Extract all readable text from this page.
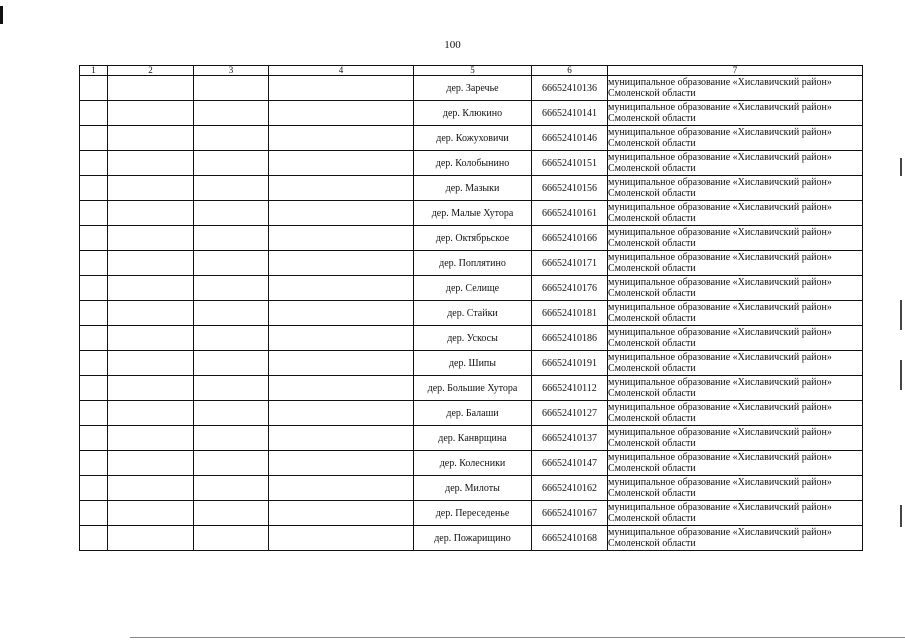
100
1	2	3	4	5	6	7
				дер. Заречье	66652410136	муниципальное образование «Хиславичский район»
Смоленской области

				дер. Клюкино	66652410141	муниципальное образование «Хиславичский район»
Смоленской области

				дер. Кожуховичи	66652410146	муниципальное образование «Хиславичский район»
Смоленской области

				дер. Колобынино	66652410151	муниципальное образование «Хиславичский район»
Смоленской области

				дер. Мазыки	66652410156	муниципальное образование «Хиславичский район»
Смоленской области

				дер. Малые Хутора	66652410161	муниципальное образование «Хиславичский район»
Смоленской области

				дер. Октябрьское	66652410166	муниципальное образование «Хиславичский район»
Смоленской области

				дер. Поплятино	66652410171	муниципальное образование «Хиславичский район»
Смоленской области

				дер. Селище	66652410176	муниципальное образование «Хиславичский район»
Смоленской области

				дер. Стайки	66652410181	муниципальное образование «Хиславичский район»
Смоленской области

				дер. Ускосы	66652410186	муниципальное образование «Хиславичский район»
Смоленской области

				дер. Шипы	66652410191	муниципальное образование «Хиславичский район»
Смоленской области

				дер. Большие Хутора	66652410112	муниципальное образование «Хиславичский район»
Смоленской области

				дер. Балаши	66652410127	муниципальное образование «Хиславичский район»
Смоленской области

				дер. Канврщина	66652410137	муниципальное образование «Хиславичский район»
Смоленской области

				дер. Колесники	66652410147	муниципальное образование «Хиславичский район»
Смоленской области

				дер. Милоты	66652410162	муниципальное образование «Хиславичский район»
Смоленской области

				дер. Переседенье	66652410167	муниципальное образование «Хиславичский район»
Смоленской области

				дер. Пожарищино	66652410168	муниципальное образование «Хиславичский район»
Смоленской области
